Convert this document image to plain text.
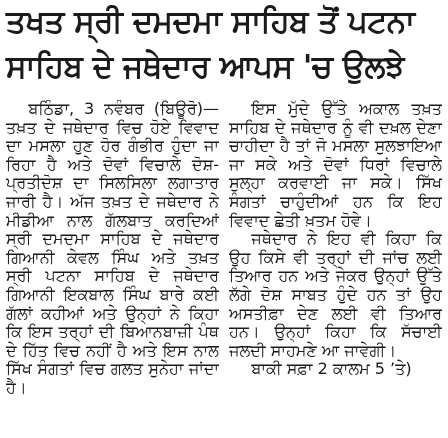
ਤਖਤ ਸ੍ਰੀ ਦਮਦਮਾ ਸਾਹਿਬ ਤੋਂ ਪਟਨਾ
ਸਾਹਿਬ ਦੇ ਜਥੇਦਾਰ ਆਪਸ 'ਚ ਉਲਝੇ

ਬਠਿੰਡਾ, 3 ਨਵੰਬਰ (ਬਿਊਰੋ)— ਤਖ਼ਤ ਦੇ ਜਥੇਦਾਰ ਵਿਚ ਹੋਏ ਵਿਵਾਦ ਦਾ ਮਸਲਾ ਹੁਣ ਹੋਰ ਗੰਭੀਰ ਹੁੰਦਾ ਜਾ ਰਿਹਾ ਹੈ ਅਤੇ ਦੋਵਾਂ ਵਿਚਾਲੇ ਦੋਸ਼-ਪ੍ਰਤੀਦੋਸ਼ ਦਾ ਸਿਲਸਿਲਾ ਲਗਾਤਾਰ ਜਾਰੀ ਹੈ। ਅੱਜ ਤਖ਼ਤ ਦੇ ਜਥੇਦਾਰ ਨੇ ਮੀਡੀਆ ਨਾਲ ਗੱਲਬਾਤ ਕਰਦਿਆਂ ਸ੍ਰੀ ਦਮਦਮਾ ਸਾਹਿਬ ਦੇ ਜਥੇਦਾਰ ਗਿਆਨੀ ਕੇਵਲ ਸਿੰਘ ਅਤੇ ਤਖ਼ਤ ਸ੍ਰੀ ਪਟਨਾ ਸਾਹਿਬ ਦੇ ਜਥੇਦਾਰ ਗਿਆਨੀ ਇਕਬਾਲ ਸਿੰਘ ਬਾਰੇ ਕਈ ਗੱਲਾਂ ਕਹੀਆਂ ਅਤੇ ਉਨ੍ਹਾਂ ਨੇ ਕਿਹਾ ਕਿ ਇਸ ਤਰ੍ਹਾਂ ਦੀ ਬਿਆਨਬਾਜ਼ੀ ਪੰਥ ਦੇ ਹਿੱਤ ਵਿਚ ਨਹੀਂ ਹੈ ਅਤੇ ਇਸ ਨਾਲ ਸਿੱਖ ਸੰਗਤਾਂ ਵਿਚ ਗਲਤ ਸੁਨੇਹਾ ਜਾਂਦਾ ਹੈ।

ਇਸ ਮੁੱਦੇ ਉੱਤੇ ਅਕਾਲ ਤਖ਼ਤ ਸਾਹਿਬ ਦੇ ਜਥੇਦਾਰ ਨੂੰ ਵੀ ਦਖ਼ਲ ਦੇਣਾ ਚਾਹੀਦਾ ਹੈ ਤਾਂ ਜੋ ਮਸਲਾ ਸੁਲਝਾਇਆ ਜਾ ਸਕੇ ਅਤੇ ਦੋਵਾਂ ਧਿਰਾਂ ਵਿਚਾਲੇ ਸੁਲ੍ਹਾ ਕਰਵਾਈ ਜਾ ਸਕੇ। ਸਿੱਖ ਸੰਗਤਾਂ ਚਾਹੁੰਦੀਆਂ ਹਨ ਕਿ ਇਹ ਵਿਵਾਦ ਛੇਤੀ ਖ਼ਤਮ ਹੋਵੇ।

ਜਥੇਦਾਰ ਨੇ ਇਹ ਵੀ ਕਿਹਾ ਕਿ ਉਹ ਕਿਸੇ ਵੀ ਤਰ੍ਹਾਂ ਦੀ ਜਾਂਚ ਲਈ ਤਿਆਰ ਹਨ ਅਤੇ ਜੇਕਰ ਉਨ੍ਹਾਂ ਉੱਤੇ ਲੱਗੇ ਦੋਸ਼ ਸਾਬਤ ਹੁੰਦੇ ਹਨ ਤਾਂ ਉਹ ਅਸਤੀਫ਼ਾ ਦੇਣ ਲਈ ਵੀ ਤਿਆਰ ਹਨ। ਉਨ੍ਹਾਂ ਕਿਹਾ ਕਿ ਸੱਚਾਈ ਜਲਦੀ ਸਾਹਮਣੇ ਆ ਜਾਵੇਗੀ।

ਬਾਕੀ ਸਫ਼ਾ 2 ਕਾਲਮ 5 ’ਤੇ)
